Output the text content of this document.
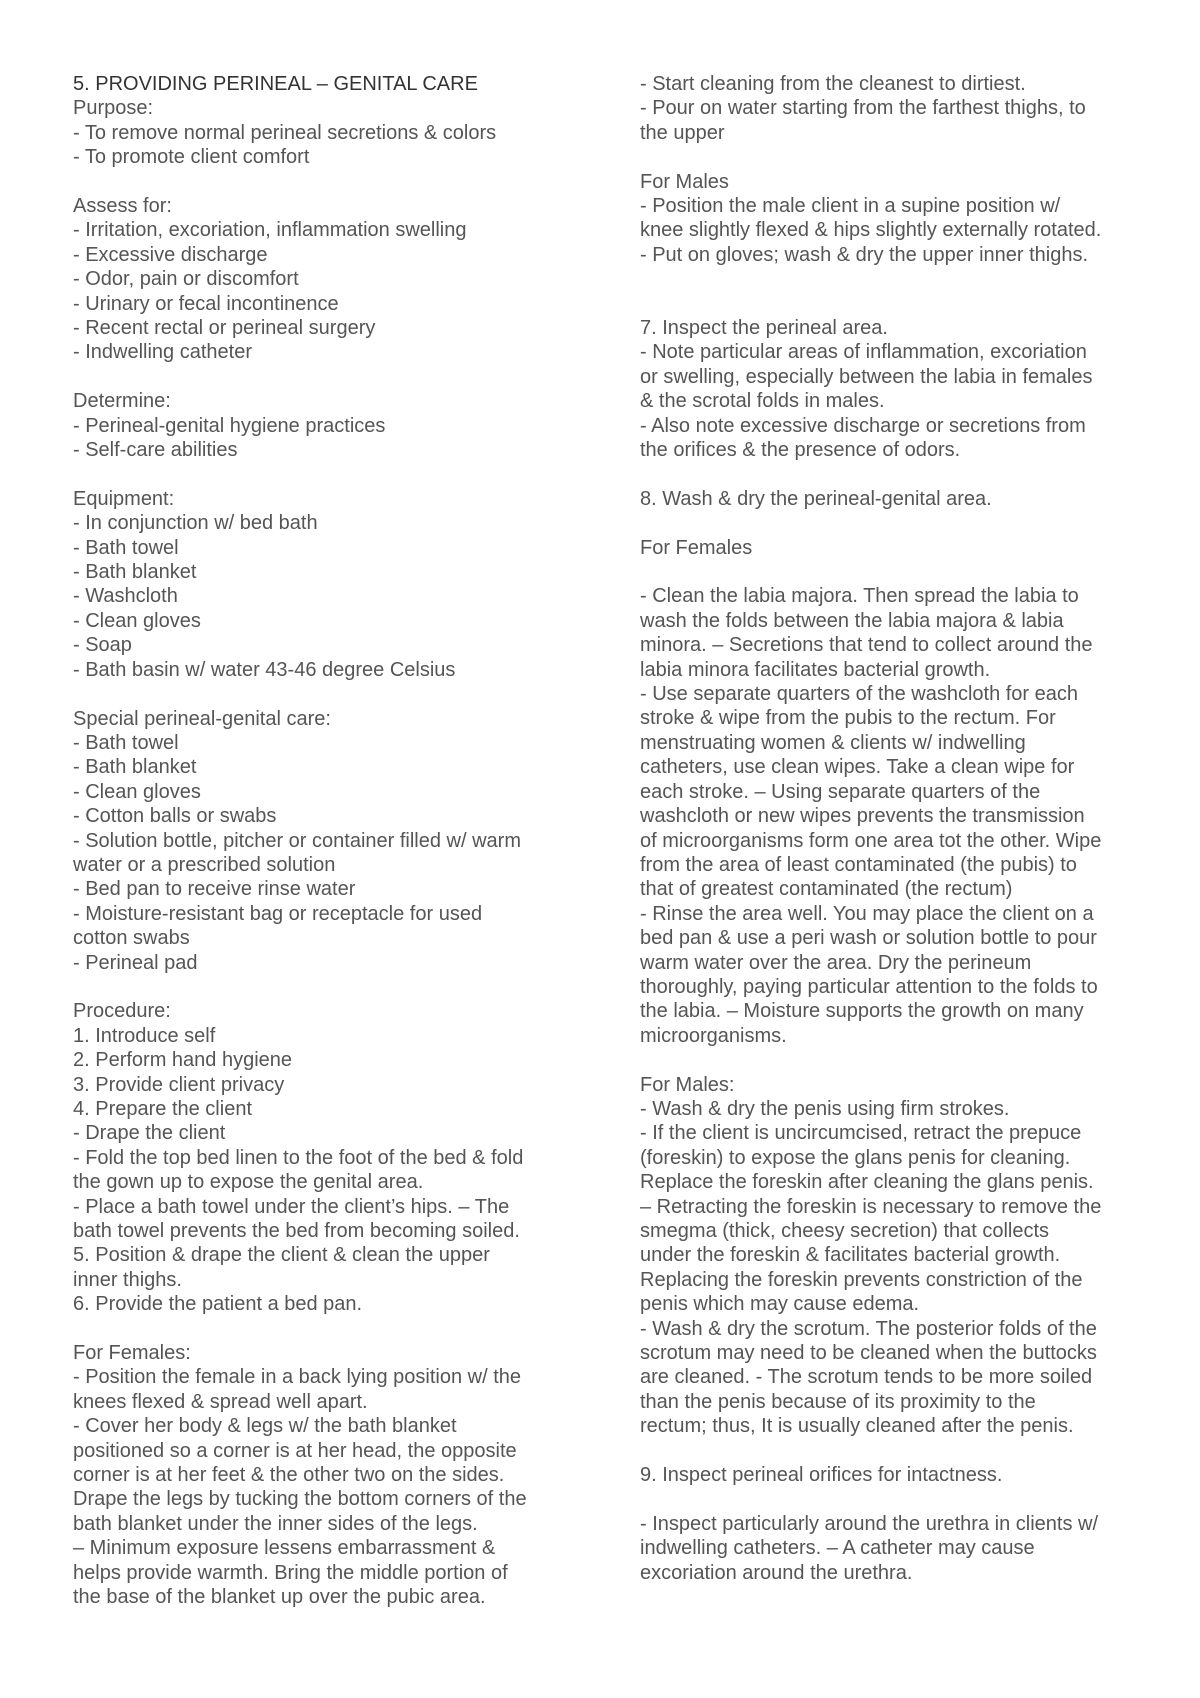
5. PROVIDING PERINEAL – GENITAL CARE
Purpose:
- To remove normal perineal secretions & colors
- To promote client comfort
Assess for:
- Irritation, excoriation, inflammation swelling
- Excessive discharge
- Odor, pain or discomfort
- Urinary or fecal incontinence
- Recent rectal or perineal surgery
- Indwelling catheter
Determine:
- Perineal-genital hygiene practices
- Self-care abilities
Equipment:
- In conjunction w/ bed bath
- Bath towel
- Bath blanket
- Washcloth
- Clean gloves
- Soap
- Bath basin w/ water 43-46 degree Celsius
Special perineal-genital care:
- Bath towel
- Bath blanket
- Clean gloves
- Cotton balls or swabs
- Solution bottle, pitcher or container filled w/ warm
water or a prescribed solution
- Bed pan to receive rinse water
- Moisture-resistant bag or receptacle for used
cotton swabs
- Perineal pad
Procedure:
1. Introduce self
2. Perform hand hygiene
3. Provide client privacy
4. Prepare the client
- Drape the client
- Fold the top bed linen to the foot of the bed & fold
the gown up to expose the genital area.
- Place a bath towel under the client’s hips. – The
bath towel prevents the bed from becoming soiled.
5. Position & drape the client & clean the upper
inner thighs.
6. Provide the patient a bed pan.
For Females:
- Position the female in a back lying position w/ the
knees flexed & spread well apart.
- Cover her body & legs w/ the bath blanket
positioned so a corner is at her head, the opposite
corner is at her feet & the other two on the sides.
Drape the legs by tucking the bottom corners of the
bath blanket under the inner sides of the legs.
– Minimum exposure lessens embarrassment &
helps provide warmth. Bring the middle portion of
the base of the blanket up over the pubic area.
- Start cleaning from the cleanest to dirtiest.
- Pour on water starting from the farthest thighs, to
the upper
For Males
- Position the male client in a supine position w/
knee slightly flexed & hips slightly externally rotated.
- Put on gloves; wash & dry the upper inner thighs.
7. Inspect the perineal area.
- Note particular areas of inflammation, excoriation
or swelling, especially between the labia in females
& the scrotal folds in males.
- Also note excessive discharge or secretions from
the orifices & the presence of odors.
8. Wash & dry the perineal-genital area.
For Females
- Clean the labia majora. Then spread the labia to
wash the folds between the labia majora & labia
minora. – Secretions that tend to collect around the
labia minora facilitates bacterial growth.
- Use separate quarters of the washcloth for each
stroke & wipe from the pubis to the rectum. For
menstruating women & clients w/ indwelling
catheters, use clean wipes. Take a clean wipe for
each stroke. – Using separate quarters of the
washcloth or new wipes prevents the transmission
of microorganisms form one area tot the other. Wipe
from the area of least contaminated (the pubis) to
that of greatest contaminated (the rectum)
- Rinse the area well. You may place the client on a
bed pan & use a peri wash or solution bottle to pour
warm water over the area. Dry the perineum
thoroughly, paying particular attention to the folds to
the labia. – Moisture supports the growth on many
microorganisms.
For Males:
- Wash & dry the penis using firm strokes.
- If the client is uncircumcised, retract the prepuce
(foreskin) to expose the glans penis for cleaning.
Replace the foreskin after cleaning the glans penis.
– Retracting the foreskin is necessary to remove the
smegma (thick, cheesy secretion) that collects
under the foreskin & facilitates bacterial growth.
Replacing the foreskin prevents constriction of the
penis which may cause edema.
- Wash & dry the scrotum. The posterior folds of the
scrotum may need to be cleaned when the buttocks
are cleaned. - The scrotum tends to be more soiled
than the penis because of its proximity to the
rectum; thus, It is usually cleaned after the penis.
9. Inspect perineal orifices for intactness.
- Inspect particularly around the urethra in clients w/
indwelling catheters. – A catheter may cause
excoriation around the urethra.
